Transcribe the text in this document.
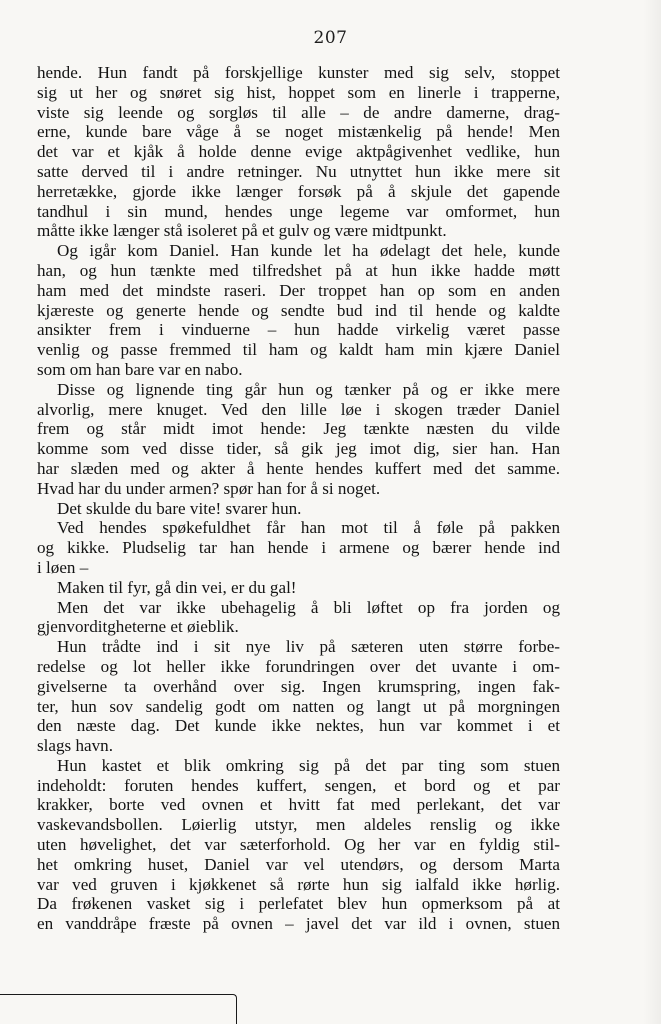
207
hende. Hun fandt på forskjellige kunster med sig selv, stoppet
sig ut her og snøret sig hist, hoppet som en linerle i trapperne,
viste sig leende og sorgløs til alle – de andre damerne, drag-
erne, kunde bare våge å se noget mistænkelig på hende! Men
det var et kjåk å holde denne evige aktpågivenhet vedlike, hun
satte derved til i andre retninger. Nu utnyttet hun ikke mere sit
herretække, gjorde ikke længer forsøk på å skjule det gapende
tandhul i sin mund, hendes unge legeme var omformet, hun
måtte ikke længer stå isoleret på et gulv og være midtpunkt.
Og igår kom Daniel. Han kunde let ha ødelagt det hele, kunde
han, og hun tænkte med tilfredshet på at hun ikke hadde møtt
ham med det mindste raseri. Der troppet han op som en anden
kjæreste og generte hende og sendte bud ind til hende og kaldte
ansikter frem i vinduerne – hun hadde virkelig været passe
venlig og passe fremmed til ham og kaldt ham min kjære Daniel
som om han bare var en nabo.
Disse og lignende ting går hun og tænker på og er ikke mere
alvorlig, mere knuget. Ved den lille løe i skogen træder Daniel
frem og står midt imot hende: Jeg tænkte næsten du vilde
komme som ved disse tider, så gik jeg imot dig, sier han. Han
har slæden med og akter å hente hendes kuffert med det samme.
Hvad har du under armen? spør han for å si noget.
Det skulde du bare vite! svarer hun.
Ved hendes spøkefuldhet får han mot til å føle på pakken
og kikke. Pludselig tar han hende i armene og bærer hende ind
i løen –
Maken til fyr, gå din vei, er du gal!
Men det var ikke ubehagelig å bli løftet op fra jorden og
gjenvorditgheterne et øieblik.
Hun trådte ind i sit nye liv på sæteren uten større forbe-
redelse og lot heller ikke forundringen over det uvante i om-
givelserne ta overhånd over sig. Ingen krumspring, ingen fak-
ter, hun sov sandelig godt om natten og langt ut på morgningen
den næste dag. Det kunde ikke nektes, hun var kommet i et
slags havn.
Hun kastet et blik omkring sig på det par ting som stuen
indeholdt: foruten hendes kuffert, sengen, et bord og et par
krakker, borte ved ovnen et hvitt fat med perlekant, det var
vaskevandsbollen. Løierlig utstyr, men aldeles renslig og ikke
uten høvelighet, det var sæterforhold. Og her var en fyldig stil-
het omkring huset, Daniel var vel utendørs, og dersom Marta
var ved gruven i kjøkkenet så rørte hun sig ialfald ikke hørlig.
Da frøkenen vasket sig i perlefatet blev hun opmerksom på at
en vanddråpe fræste på ovnen – javel det var ild i ovnen, stuen
